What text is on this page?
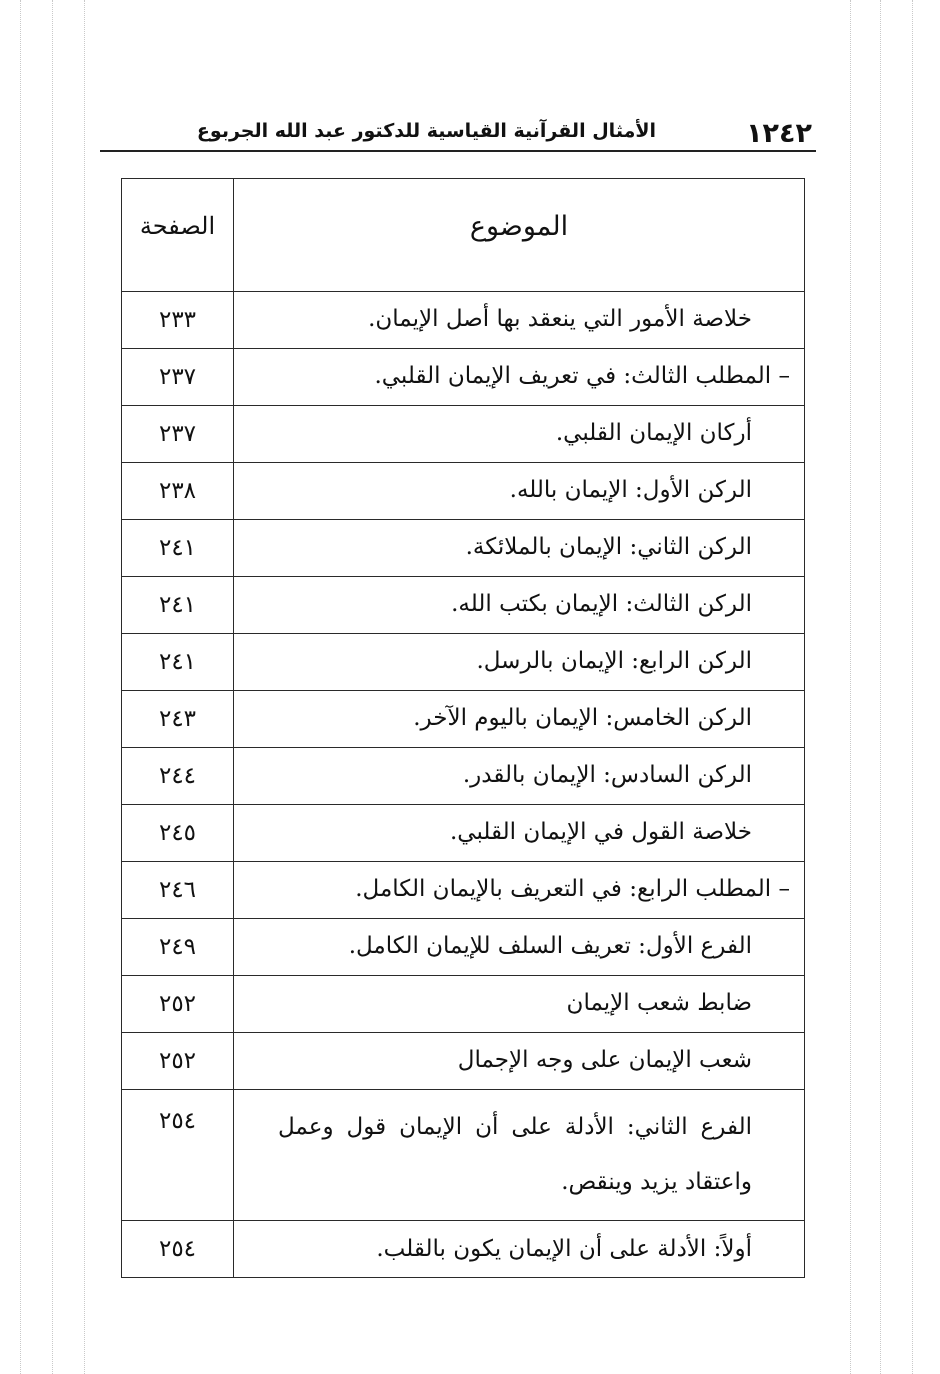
١٢٤٢
الأمثال القرآنية القياسية للدكتور عبد الله الجربوع
الموضوع	الصفحة
خلاصة الأمور التي ينعقد بها أصل الإيمان.	٢٣٣
– المطلب الثالث: في تعريف الإيمان القلبي.	٢٣٧
أركان الإيمان القلبي.	٢٣٧
الركن الأول: الإيمان بالله.	٢٣٨
الركن الثاني: الإيمان بالملائكة.	٢٤١
الركن الثالث: الإيمان بكتب الله.	٢٤١
الركن الرابع: الإيمان بالرسل.	٢٤١
الركن الخامس: الإيمان باليوم الآخر.	٢٤٣
الركن السادس: الإيمان بالقدر.	٢٤٤
خلاصة القول في الإيمان القلبي.	٢٤٥
– المطلب الرابع: في التعريف بالإيمان الكامل.	٢٤٦
الفرع الأول: تعريف السلف للإيمان الكامل.	٢٤٩
ضابط شعب الإيمان	٢٥٢
شعب الإيمان على وجه الإجمال	٢٥٢
الفرع الثاني: الأدلة على أن الإيمان قول وعمل واعتقاد يزيد وينقص.	٢٥٤
أولاً: الأدلة على أن الإيمان يكون بالقلب.	٢٥٤
